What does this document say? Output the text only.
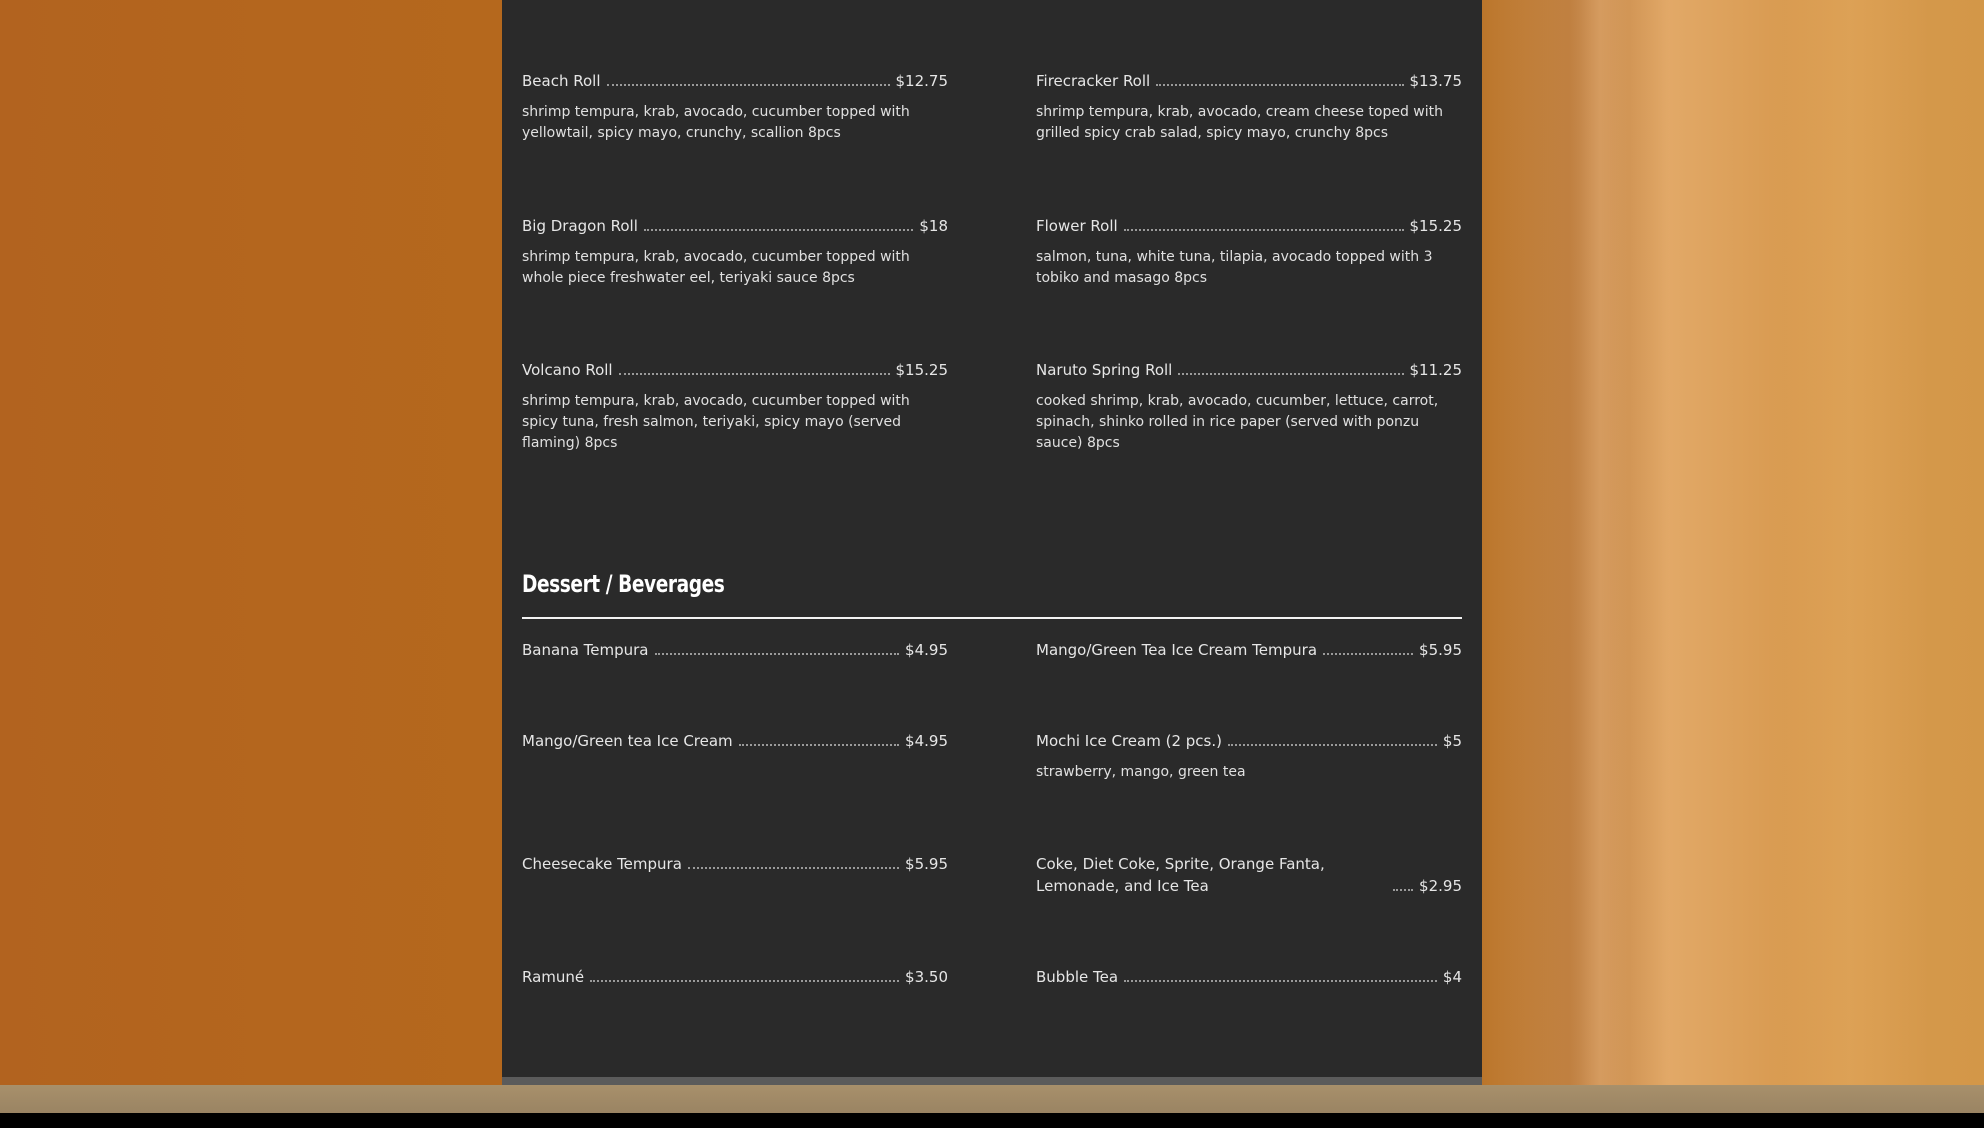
Beach Roll	$12.75
shrimp tempura, krab, avocado, cucumber topped with yellowtail, spicy mayo, crunchy, scallion 8pcs
Firecracker Roll	$13.75
shrimp tempura, krab, avocado, cream cheese toped with grilled spicy crab salad, spicy mayo, crunchy 8pcs
Big Dragon Roll	$18
shrimp tempura, krab, avocado, cucumber topped with whole piece freshwater eel, teriyaki sauce 8pcs
Flower Roll	$15.25
salmon, tuna, white tuna, tilapia, avocado topped with 3 tobiko and masago 8pcs
Volcano Roll	$15.25
shrimp tempura, krab, avocado, cucumber topped with spicy tuna, fresh salmon, teriyaki, spicy mayo (served flaming) 8pcs
Naruto Spring Roll	$11.25
cooked shrimp, krab, avocado, cucumber, lettuce, carrot, spinach, shinko rolled in rice paper (served with ponzu sauce) 8pcs
Dessert / Beverages
Banana Tempura	$4.95	Mango/Green Tea Ice Cream Tempura	$5.95
Mango/Green tea Ice Cream	$4.95	Mochi Ice Cream (2 pcs.)	$5
strawberry, mango, green tea
Cheesecake Tempura	$5.95	Coke, Diet Coke, Sprite, Orange Fanta, Lemonade, and Ice Tea	$2.95
Ramuné	$3.50	Bubble Tea	$4
